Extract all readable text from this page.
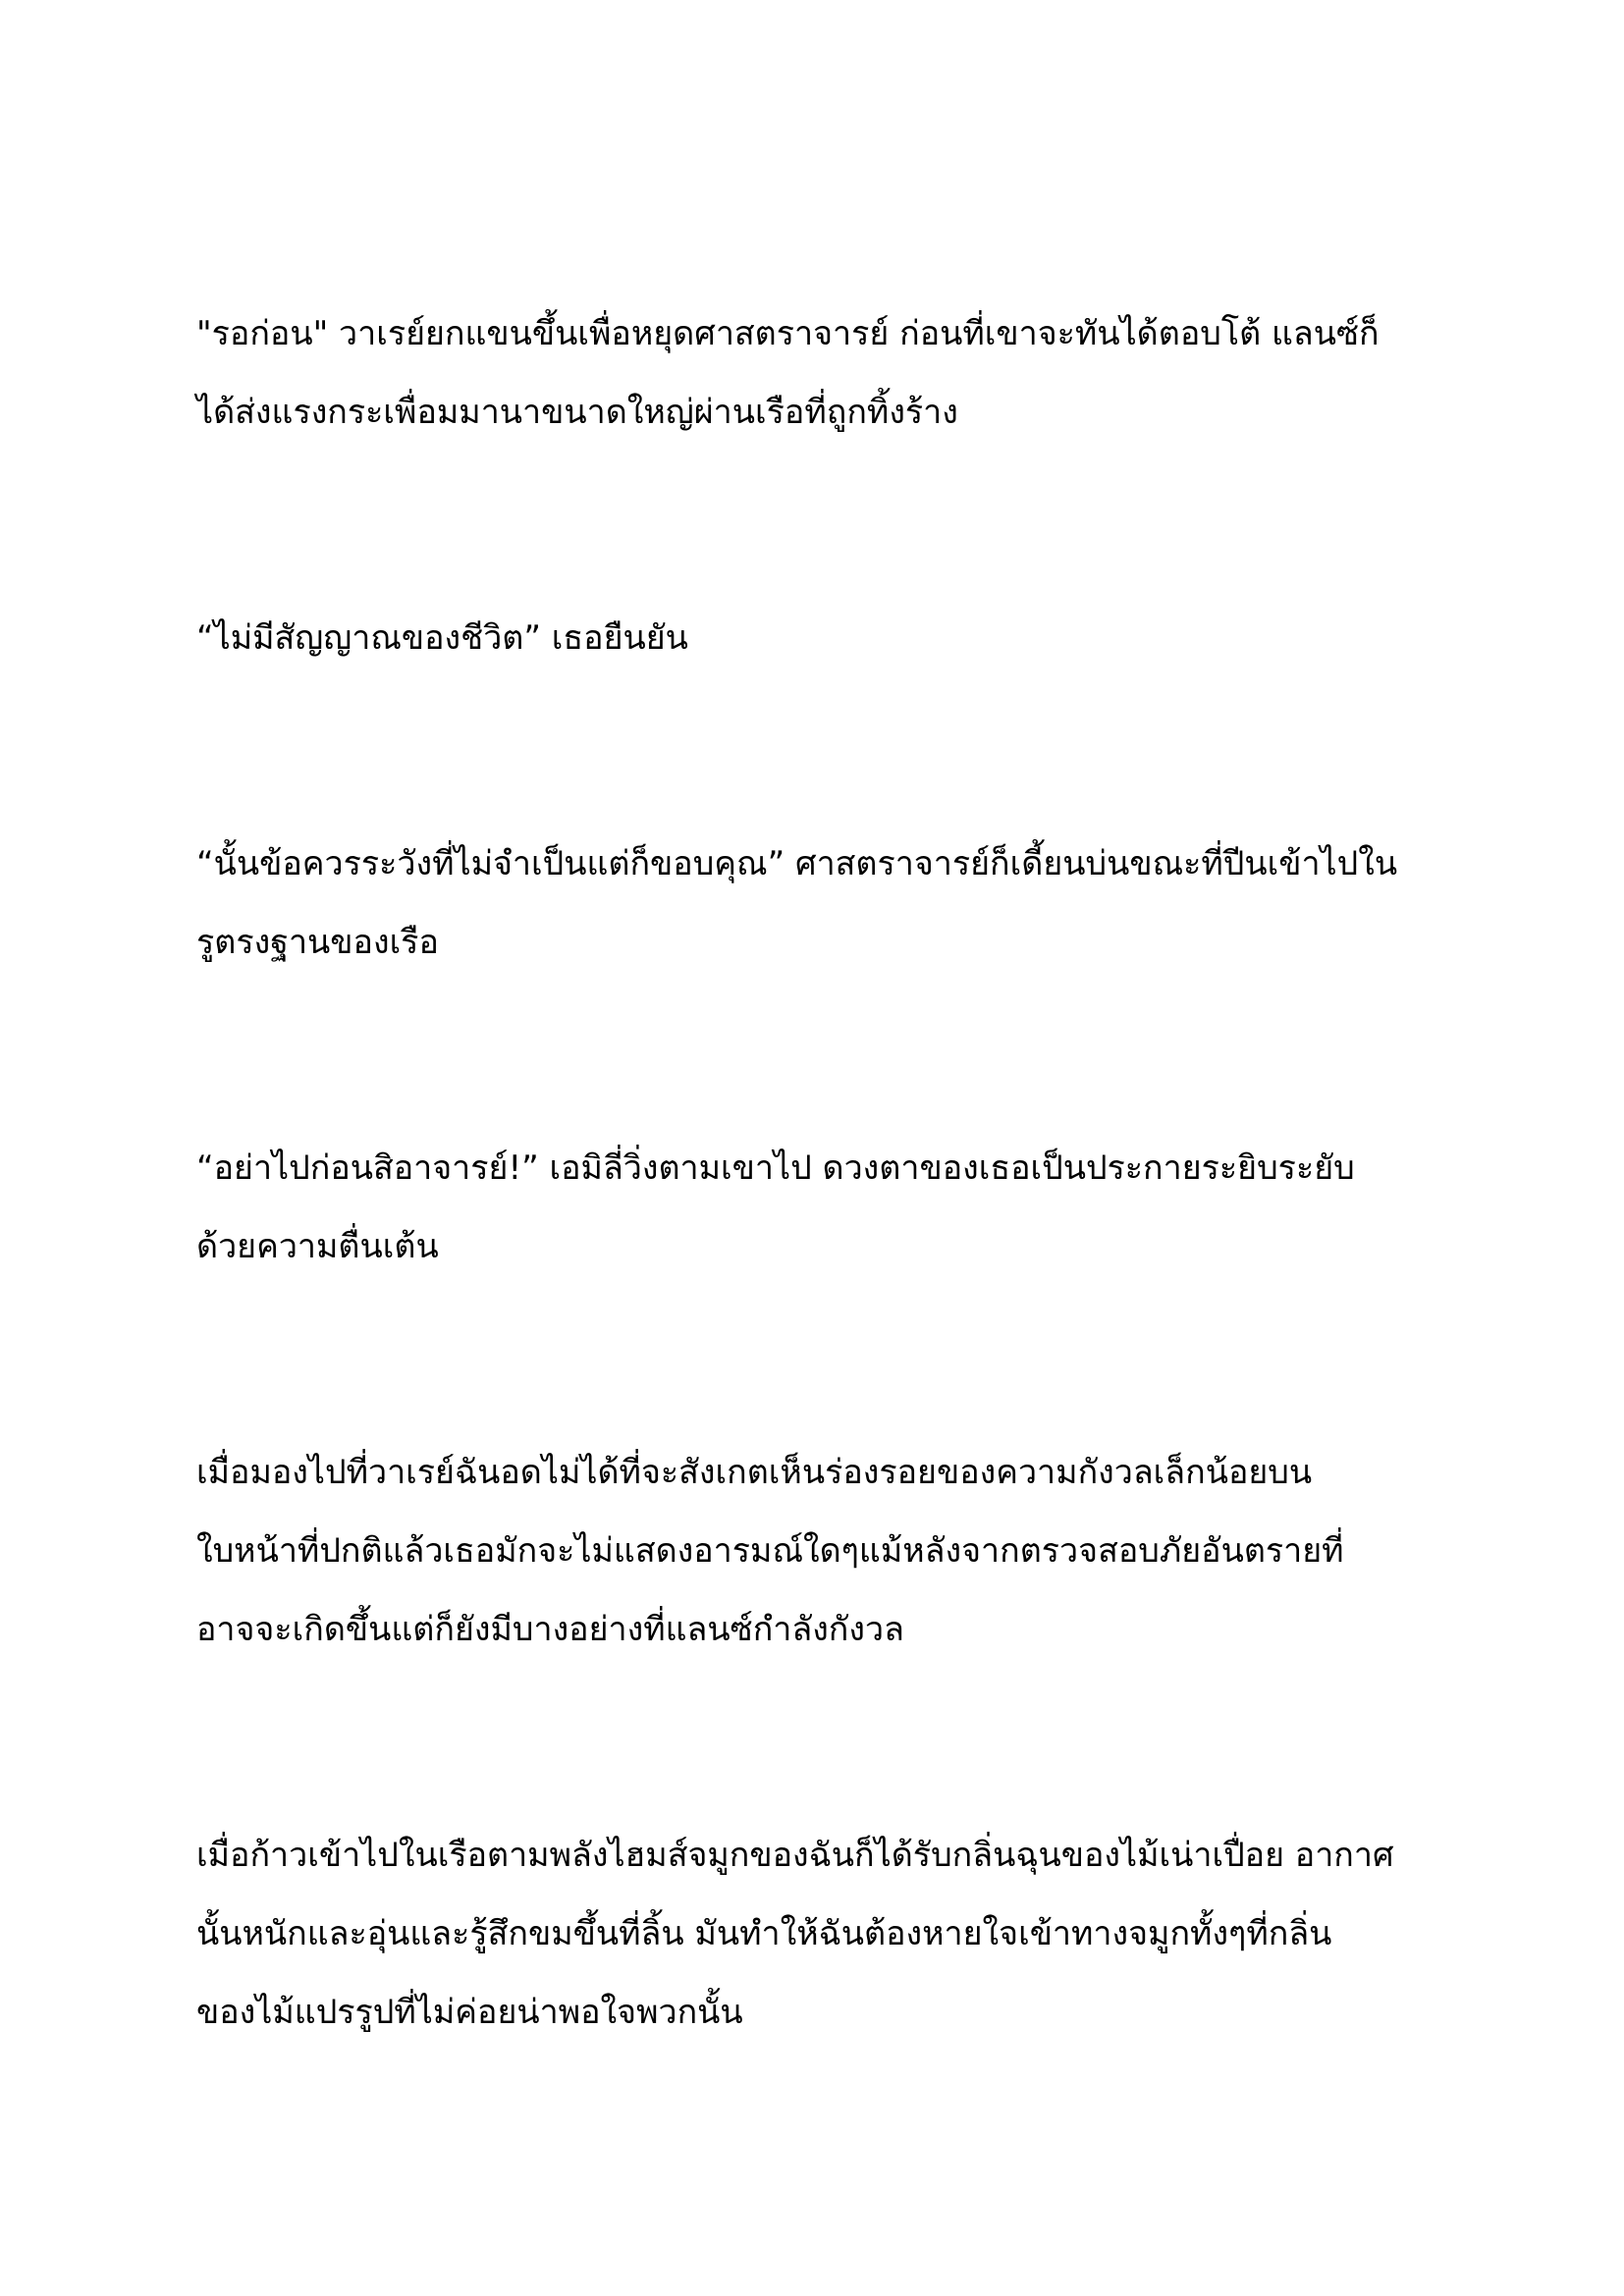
"รอก่อน" วาเรย์ยกแขนขึ้นเพื่อหยุดศาสตราจารย์ ก่อนที่เขาจะทันได้ตอบโต้ แลนซ์ก็
ได้ส่งแรงกระเพื่อมมานาขนาดใหญ่ผ่านเรือที่ถูกทิ้งร้าง

“ไม่มีสัญญาณของชีวิต” เธอยืนยัน

“นั้นข้อควรระวังที่ไม่จำเป็นแต่ก็ขอบคุณ” ศาสตราจารย์ก็เดี้ยนบ่นขณะที่ปีนเข้าไปใน
รูตรงฐานของเรือ

“อย่าไปก่อนสิอาจารย์!” เอมิลี่วิ่งตามเขาไป ดวงตาของเธอเป็นประกายระยิบระยับ
ด้วยความตื่นเต้น

เมื่อมองไปที่วาเรย์ฉันอดไม่ได้ที่จะสังเกตเห็นร่องรอยของความกังวลเล็กน้อยบน
ใบหน้าที่ปกติแล้วเธอมักจะไม่แสดงอารมณ์ใดๆแม้หลังจากตรวจสอบภัยอันตรายที่
อาจจะเกิดขึ้นแต่ก็ยังมีบางอย่างที่แลนซ์กำลังกังวล

เมื่อก้าวเข้าไปในเรือตามพลังไฮมส์จมูกของฉันก็ได้รับกลิ่นฉุนของไม้เน่าเปื่อย อากาศ
นั้นหนักและอุ่นและรู้สึกขมขึ้นที่ลิ้น มันทำให้ฉันต้องหายใจเข้าทางจมูกทั้งๆที่กลิ่น
ของไม้แปรรูปที่ไม่ค่อยน่าพอใจพวกนั้น
